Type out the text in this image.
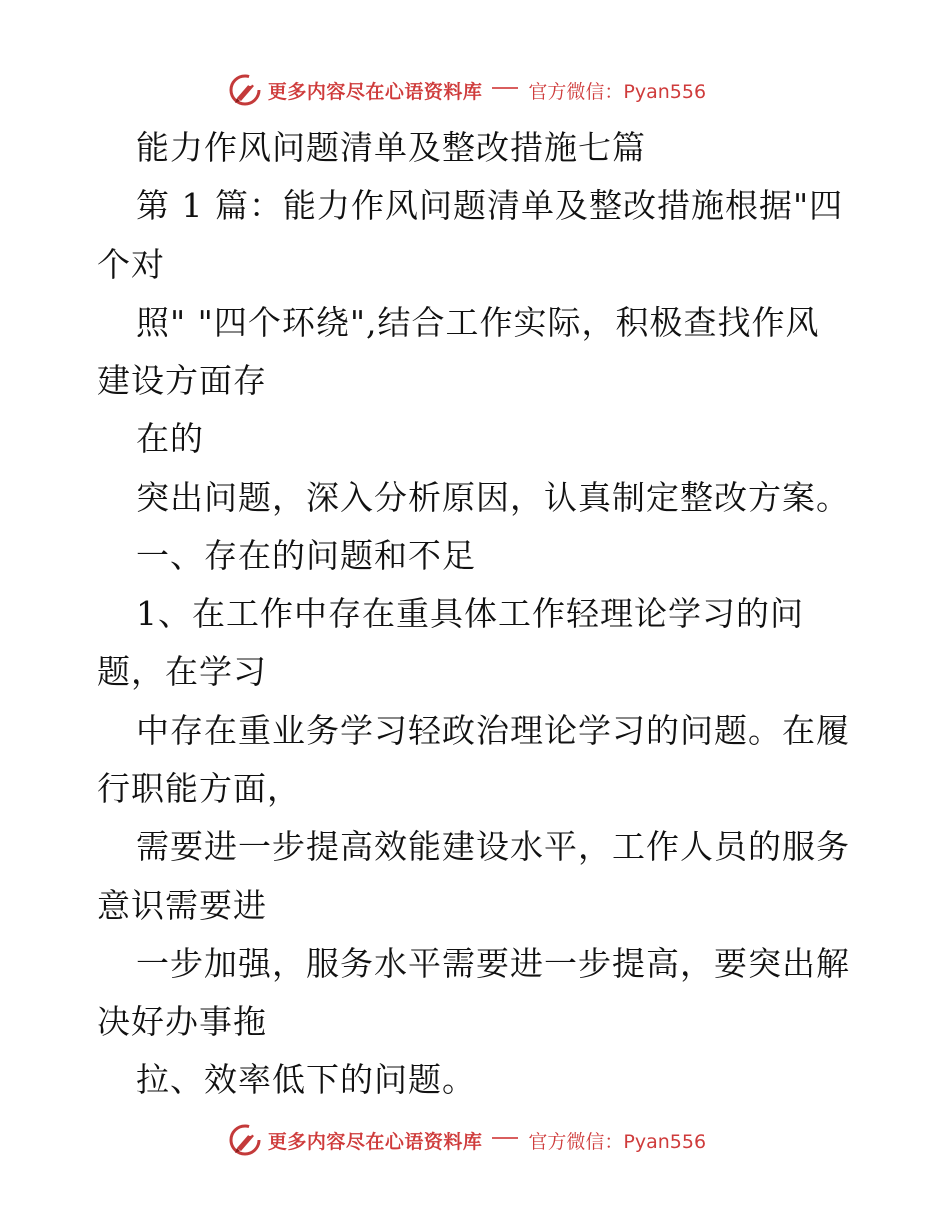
更多内容尽在心语资料库 官方微信：Pyan556
能力作风问题清单及整改措施七篇
第 1 篇：能力作风问题清单及整改措施根据"四
个对
照" "四个环绕",结合工作实际，积极查找作风
建设方面存
在的
突出问题，深入分析原因，认真制定整改方案。
一、存在的问题和不足
1、在工作中存在重具体工作轻理论学习的问
题，在学习
中存在重业务学习轻政治理论学习的问题。在履
行职能方面，
需要进一步提高效能建设水平，工作人员的服务
意识需要进
一步加强，服务水平需要进一步提高，要突出解
决好办事拖
拉、效率低下的问题。
更多内容尽在心语资料库 官方微信：Pyan556
